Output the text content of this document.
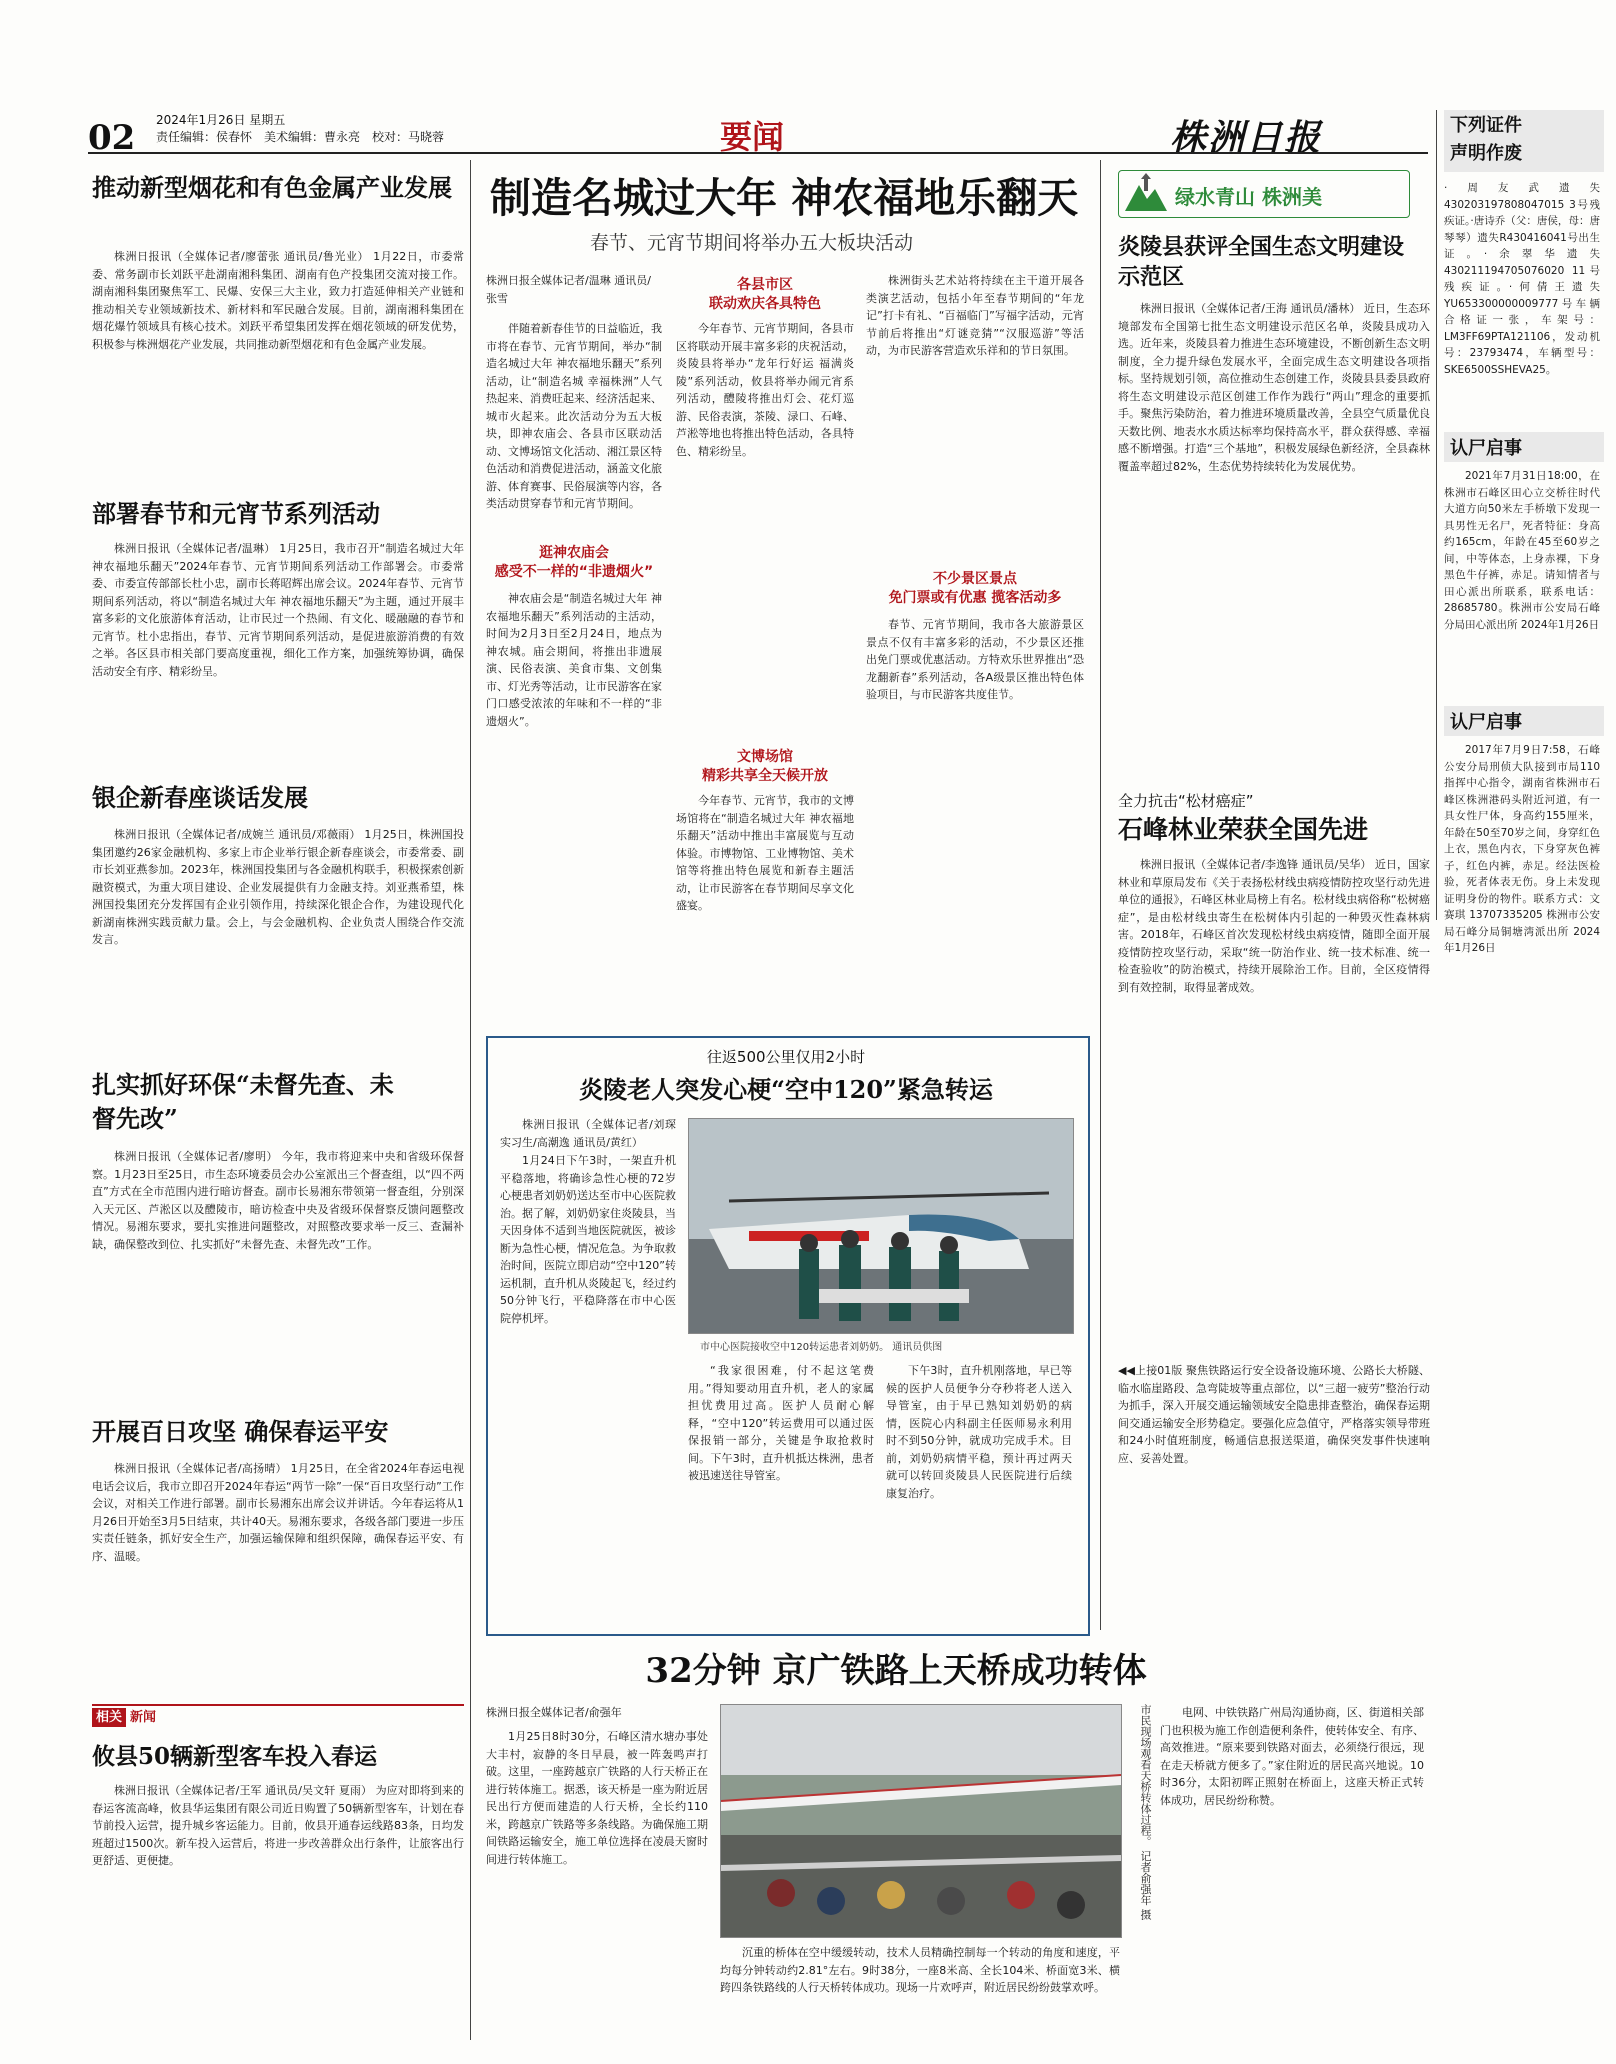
02 2024年1月26日 星期五
责任编辑：侯春怀　美术编辑：曹永亮　校对：马晓蓉	要闻	株洲日报
推动新型烟花和有色金属产业发展
株洲日报讯（全媒体记者/廖蕾张 通讯员/鲁光业） 1月22日，市委常委、常务副市长刘跃平赴湖南湘科集团、湖南有色产投集团交流对接工作。湖南湘科集团聚焦军工、民爆、安保三大主业，致力打造延伸相关产业链和推动相关专业领域新技术、新材料和军民融合发展。目前，湖南湘科集团在烟花爆竹领域具有核心技术。刘跃平希望集团发挥在烟花领域的研发优势，积极参与株洲烟花产业发展，共同推动新型烟花和有色金属产业发展。
部署春节和元宵节系列活动
株洲日报讯（全媒体记者/温琳） 1月25日，我市召开“制造名城过大年 神农福地乐翻天”2024年春节、元宵节期间系列活动工作部署会。市委常委、市委宣传部部长杜小忠，副市长蒋昭辉出席会议。2024年春节、元宵节期间系列活动，将以“制造名城过大年 神农福地乐翻天”为主题，通过开展丰富多彩的文化旅游体育活动，让市民过一个热闹、有文化、暖融融的春节和元宵节。杜小忠指出，春节、元宵节期间系列活动，是促进旅游消费的有效之举。各区县市相关部门要高度重视，细化工作方案，加强统筹协调，确保活动安全有序、精彩纷呈。
银企新春座谈话发展
株洲日报讯（全媒体记者/成婉兰 通讯员/邓薇雨） 1月25日，株洲国投集团邀约26家金融机构、多家上市企业举行银企新春座谈会，市委常委、副市长刘亚燕参加。2023年，株洲国投集团与各金融机构联手，积极探索创新融资模式，为重大项目建设、企业发展提供有力金融支持。刘亚燕希望，株洲国投集团充分发挥国有企业引领作用，持续深化银企合作，为建设现代化新湖南株洲实践贡献力量。会上，与会金融机构、企业负责人围绕合作交流发言。
扎实抓好环保“未督先查、未督先改”
株洲日报讯（全媒体记者/廖明） 今年，我市将迎来中央和省级环保督察。1月23日至25日，市生态环境委员会办公室派出三个督查组，以“四不两直”方式在全市范围内进行暗访督查。副市长易湘东带领第一督查组，分别深入天元区、芦淞区以及醴陵市，暗访检查中央及省级环保督察反馈问题整改情况。易湘东要求，要扎实推进问题整改，对照整改要求举一反三、查漏补缺，确保整改到位、扎实抓好“未督先查、未督先改”工作。
开展百日攻坚 确保春运平安
株洲日报讯（全媒体记者/高扬晴） 1月25日，在全省2024年春运电视电话会议后，我市立即召开2024年春运“两节一除”一保“百日攻坚行动”工作会议，对相关工作进行部署。副市长易湘东出席会议并讲话。今年春运将从1月26日开始至3月5日结束，共计40天。易湘东要求，各级各部门要进一步压实责任链条，抓好安全生产，加强运输保障和组织保障，确保春运平安、有序、温暖。
相关 新闻
攸县50辆新型客车投入春运
株洲日报讯（全媒体记者/王军 通讯员/吴文轩 夏雨） 为应对即将到来的春运客流高峰，攸县华运集团有限公司近日购置了50辆新型客车，计划在春节前投入运营，提升城乡客运能力。目前，攸县开通春运线路83条，日均发班超过1500次。新车投入运营后，将进一步改善群众出行条件，让旅客出行更舒适、更便捷。
制造名城过大年 神农福地乐翻天
春节、元宵节期间将举办五大板块活动
株洲日报全媒体记者/温琳 通讯员/张雪
伴随着新春佳节的日益临近，我市将在春节、元宵节期间，举办“制造名城过大年 神农福地乐翻天”系列活动，让“制造名城 幸福株洲”人气热起来、消费旺起来、经济活起来、城市火起来。此次活动分为五大板块，即神农庙会、各县市区联动活动、文博场馆文化活动、湘江景区特色活动和消费促进活动，涵盖文化旅游、体育赛事、民俗展演等内容，各类活动贯穿春节和元宵节期间。
逛神农庙会
感受不一样的“非遗烟火”
神农庙会是“制造名城过大年 神农福地乐翻天”系列活动的主活动，时间为2月3日至2月24日，地点为神农城。庙会期间，将推出非遗展演、民俗表演、美食市集、文创集市、灯光秀等活动，让市民游客在家门口感受浓浓的年味和不一样的“非遗烟火”。
各县市区
联动欢庆各具特色
今年春节、元宵节期间，各县市区将联动开展丰富多彩的庆祝活动，炎陵县将举办“龙年行好运 福满炎陵”系列活动，攸县将举办闹元宵系列活动，醴陵将推出灯会、花灯巡游、民俗表演，茶陵、渌口、石峰、芦淞等地也将推出特色活动，各具特色、精彩纷呈。
文博场馆
精彩共享全天候开放
今年春节、元宵节，我市的文博场馆将在“制造名城过大年 神农福地乐翻天”活动中推出丰富展览与互动体验。市博物馆、工业博物馆、美术馆等将推出特色展览和新春主题活动，让市民游客在春节期间尽享文化盛宴。
株洲街头艺术站将持续在主干道开展各类演艺活动，包括小年至春节期间的“年龙记”打卡有礼、“百福临门”写福字活动，元宵节前后将推出“灯谜竞猜”“汉服巡游”等活动，为市民游客营造欢乐祥和的节日氛围。
不少景区景点
免门票或有优惠 揽客活动多
春节、元宵节期间，我市各大旅游景区景点不仅有丰富多彩的活动，不少景区还推出免门票或优惠活动。方特欢乐世界推出“恐龙翻新春”系列活动，各A级景区推出特色体验项目，与市民游客共度佳节。
往返500公里仅用2小时
炎陵老人突发心梗“空中120”紧急转运
株洲日报讯（全媒体记者/刘琛 实习生/高潮逸 通讯员/黄红）
1月24日下午3时，一架直升机平稳落地，将确诊急性心梗的72岁心梗患者刘奶奶送达至市中心医院救治。据了解，刘奶奶家住炎陵县，当天因身体不适到当地医院就医，被诊断为急性心梗，情况危急。为争取救治时间，医院立即启动“空中120”转运机制，直升机从炎陵起飞，经过约50分钟飞行，平稳降落在市中心医院停机坪。
市中心医院接收空中120转运患者刘奶奶。 通讯员供图
“我家很困难，付不起这笔费用。”得知要动用直升机，老人的家属担忧费用过高。医护人员耐心解释，“空中120”转运费用可以通过医保报销一部分，关键是争取抢救时间。下午3时，直升机抵达株洲，患者被迅速送往导管室。
下午3时，直升机刚落地，早已等候的医护人员便争分夺秒将老人送入导管室，由于早已熟知刘奶奶的病情，医院心内科副主任医师易永利用时不到50分钟，就成功完成手术。目前，刘奶奶病情平稳，预计再过两天就可以转回炎陵县人民医院进行后续康复治疗。
32分钟 京广铁路上天桥成功转体
株洲日报全媒体记者/俞强年
1月25日8时30分，石峰区清水塘办事处大丰村，寂静的冬日早晨，被一阵轰鸣声打破。这里，一座跨越京广铁路的人行天桥正在进行转体施工。据悉，该天桥是一座为附近居民出行方便而建造的人行天桥，全长约110米，跨越京广铁路等多条线路。为确保施工期间铁路运输安全，施工单位选择在凌晨天窗时间进行转体施工。	市民现场观看天桥转体过程。 记者俞强年 摄
沉重的桥体在空中缓缓转动，技术人员精确控制每一个转动的角度和速度，平均每分钟转动约2.81°左右。9时38分，一座8米高、全长104米、桥面宽3米、横跨四条铁路线的人行天桥转体成功。现场一片欢呼声，附近居民纷纷鼓掌欢呼。
电网、中铁铁路广州局沟通协商，区、街道相关部门也积极为施工作创造便利条件，使转体安全、有序、高效推进。“原来要到铁路对面去，必须绕行很远，现在走天桥就方便多了。”家住附近的居民高兴地说。10时36分，太阳初晖正照射在桥面上，这座天桥正式转体成功，居民纷纷称赞。
绿水青山 株洲美
炎陵县获评全国生态文明建设示范区
株洲日报讯（全媒体记者/王海 通讯员/潘林） 近日，生态环境部发布全国第七批生态文明建设示范区名单，炎陵县成功入选。近年来，炎陵县着力推进生态环境建设，不断创新生态文明制度，全力提升绿色发展水平，全面完成生态文明建设各项指标。坚持规划引领，高位推动生态创建工作，炎陵县县委县政府将生态文明建设示范区创建工作作为践行“两山”理念的重要抓手。聚焦污染防治，着力推进环境质量改善，全县空气质量优良天数比例、地表水水质达标率均保持高水平，群众获得感、幸福感不断增强。打造“三个基地”，积极发展绿色新经济，全县森林覆盖率超过82%，生态优势持续转化为发展优势。
全力抗击“松材癌症”
石峰林业荣获全国先进
株洲日报讯（全媒体记者/李逸锋 通讯员/吴华） 近日，国家林业和草原局发布《关于表扬松材线虫病疫情防控攻坚行动先进单位的通报》，石峰区林业局榜上有名。松材线虫病俗称“松树癌症”，是由松材线虫寄生在松树体内引起的一种毁灭性森林病害。2018年，石峰区首次发现松材线虫病疫情，随即全面开展疫情防控攻坚行动，采取“统一防治作业、统一技术标准、统一检查验收”的防治模式，持续开展除治工作。目前，全区疫情得到有效控制，取得显著成效。
◀◀上接01版 聚焦铁路运行安全设备设施环境、公路长大桥隧、临水临崖路段、急弯陡坡等重点部位，以“三超一疲劳”整治行动为抓手，深入开展交通运输领域安全隐患排查整治，确保春运期间交通运输安全形势稳定。要强化应急值守，严格落实领导带班和24小时值班制度，畅通信息报送渠道，确保突发事件快速响应、妥善处置。
下列证件
声明作废
·周友武遗失430203197808047015 3号残疾证。·唐诗乔（父：唐侯，母：唐琴琴）遗失R430416041号出生证。·余翠华遗失430211194705076020 11号残疾证。·何倩王遗失YU653300000009777号车辆合格证一张，车架号：LM3FF69PTA121106，发动机号：23793474，车辆型号：SKE6500SSHEVA25。
认尸启事
2021年7月31日18:00，在株洲市石峰区田心立交桥往时代大道方向50米左手桥墩下发现一具男性无名尸，死者特征：身高约165cm，年龄在45至60岁之间，中等体态，上身赤裸，下身黑色牛仔裤，赤足。请知情者与田心派出所联系，联系电话：28685780。株洲市公安局石峰分局田心派出所 2024年1月26日
认尸启事
2017年7月9日7:58，石峰公安分局刑侦大队接到市局110指挥中心指令，湖南省株洲市石峰区株洲港码头附近河道，有一具女性尸体，身高约155厘米，年龄在50至70岁之间，身穿红色上衣，黑色内衣，下身穿灰色裤子，红色内裤，赤足。经法医检验，死者体表无伤。身上未发现证明身份的物件。联系方式：文赛琪 13707335205 株洲市公安局石峰分局铜塘湾派出所 2024年1月26日
